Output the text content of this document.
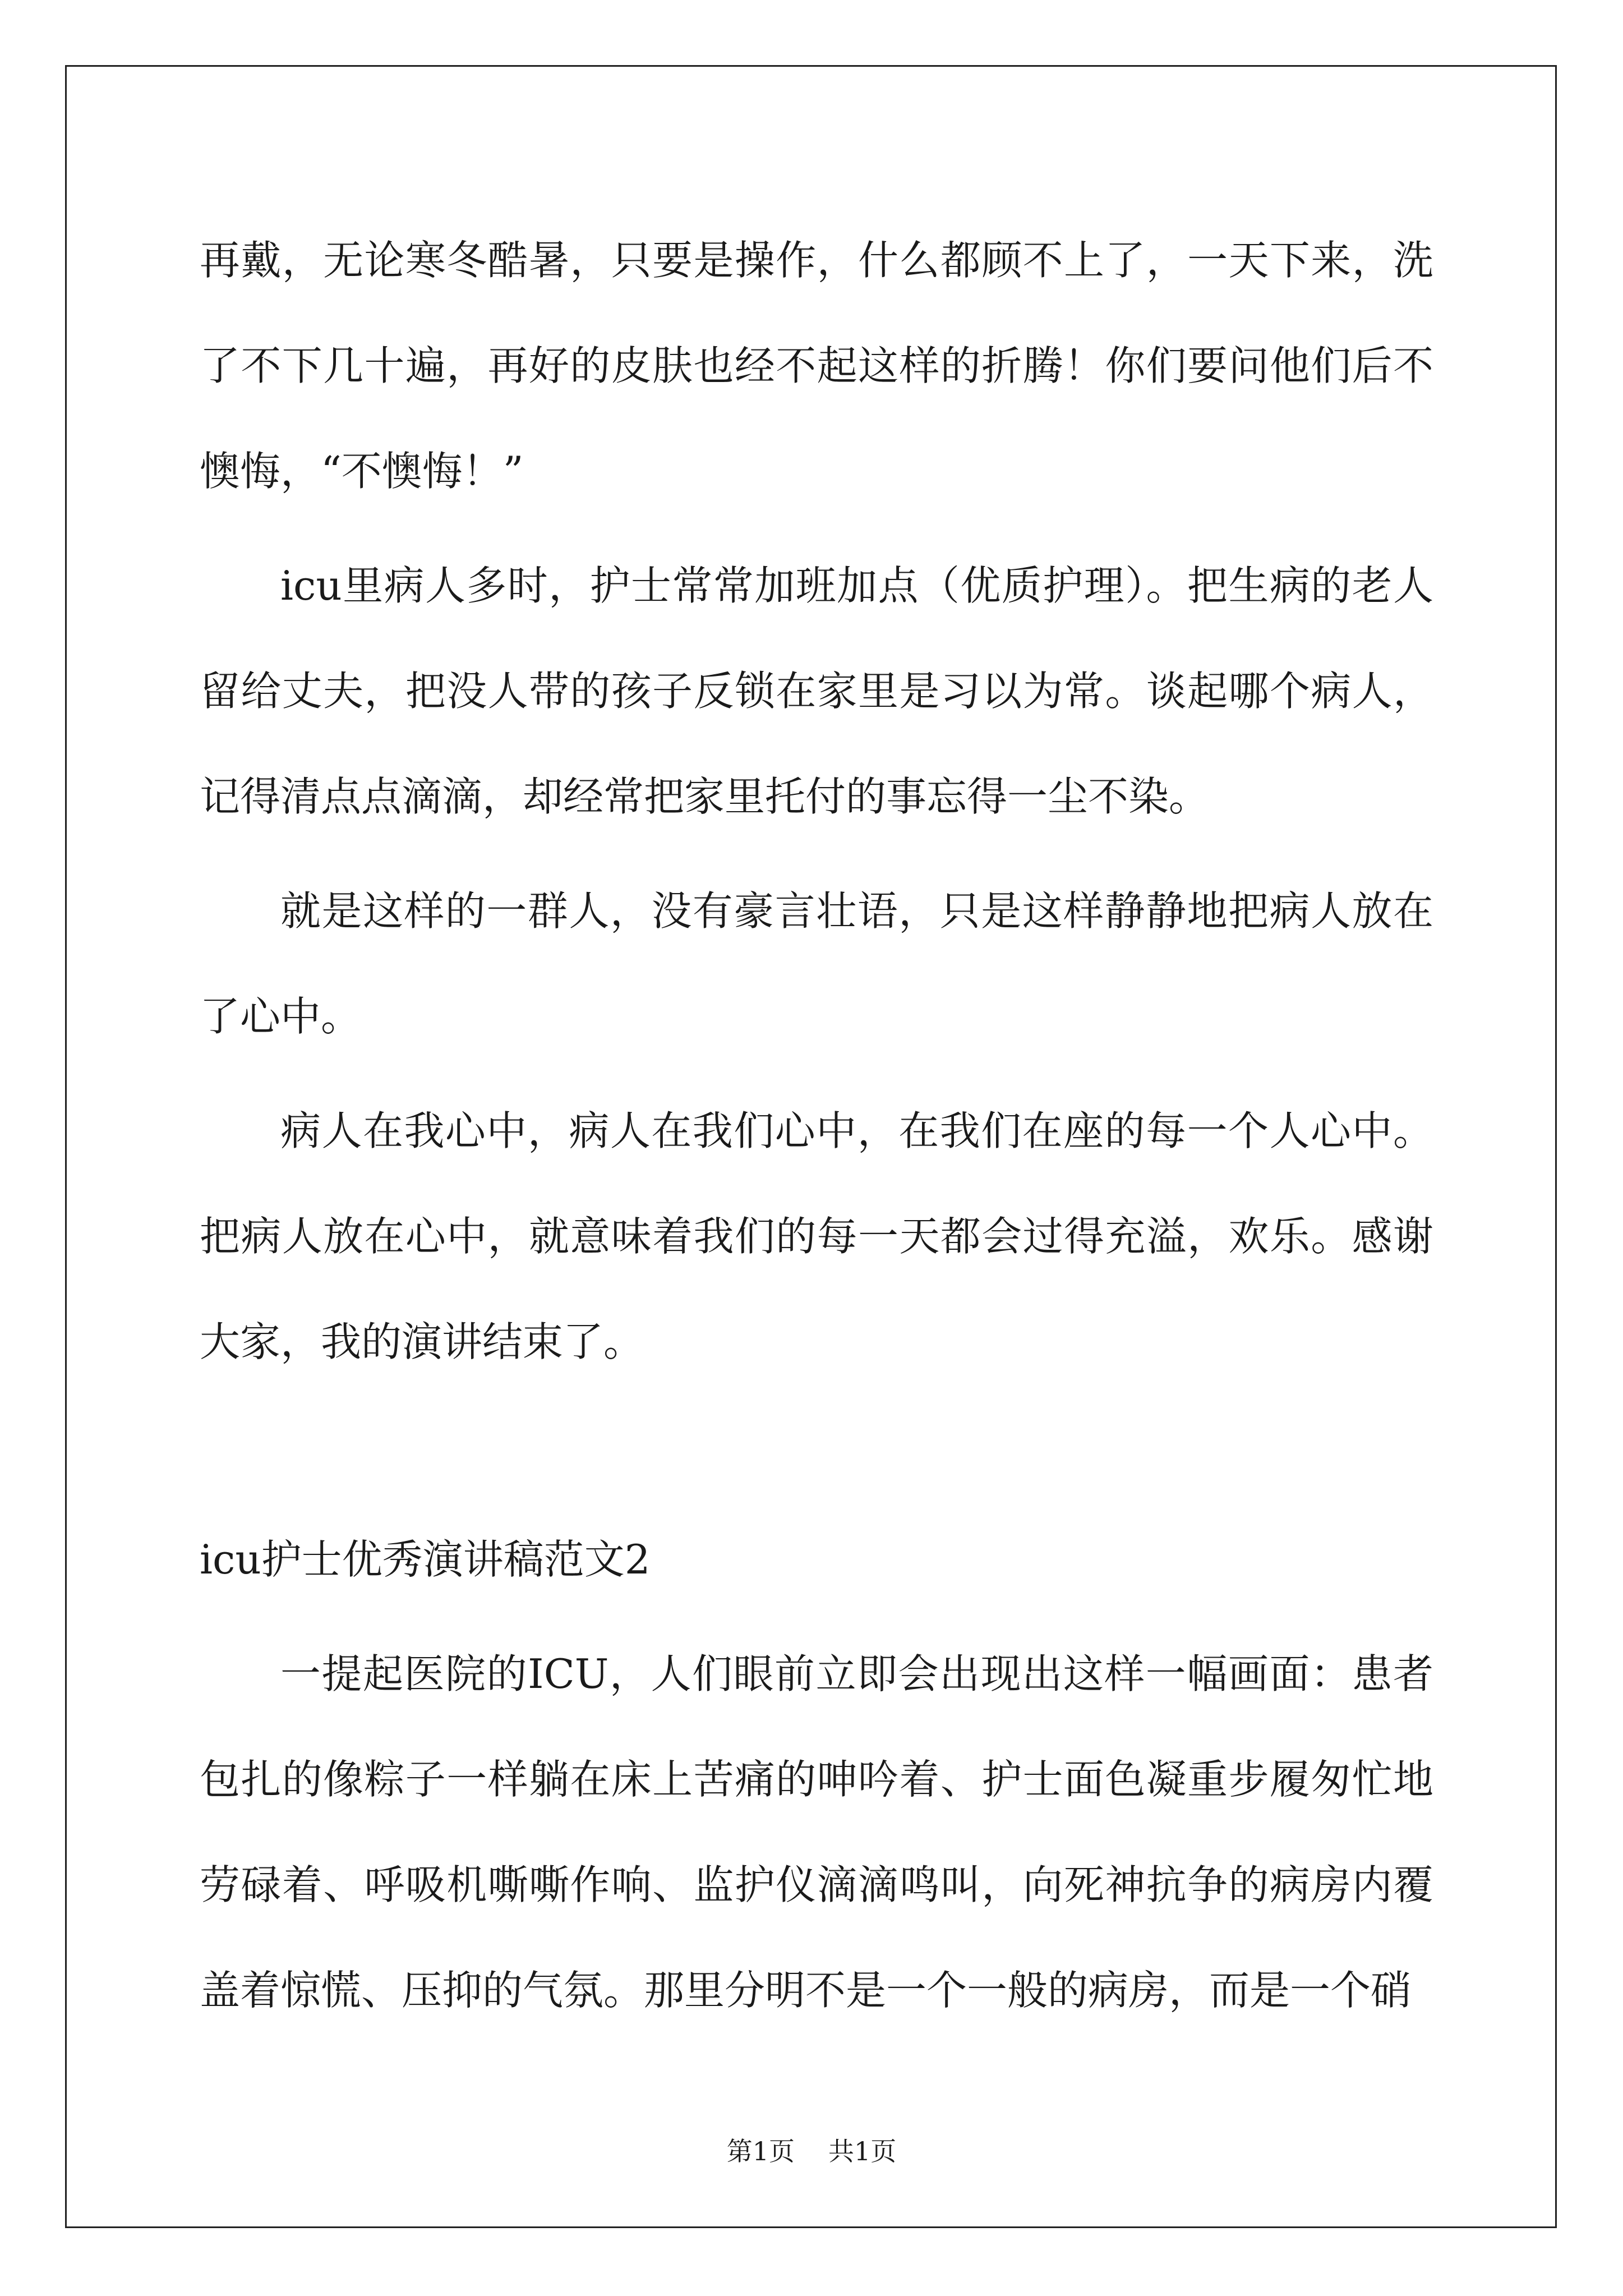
再戴，无论寒冬酷暑，只要是操作，什么都顾不上了，一天下来，洗了不下几十遍，再好的皮肤也经不起这样的折腾！你们要问他们后不懊悔，“不懊悔！”

icu里病人多时，护士常常加班加点（优质护理）。把生病的老人留给丈夫，把没人带的孩子反锁在家里是习以为常。谈起哪个病人，记得清点点滴滴，却经常把家里托付的事忘得一尘不染。

就是这样的一群人，没有豪言壮语，只是这样静静地把病人放在了心中。

病人在我心中，病人在我们心中，在我们在座的每一个人心中。把病人放在心中，就意味着我们的每一天都会过得充溢，欢乐。感谢大家，我的演讲结束了。

icu护士优秀演讲稿范文2

一提起医院的ICU，人们眼前立即会出现出这样一幅画面：患者包扎的像粽子一样躺在床上苦痛的呻吟着、护士面色凝重步履匆忙地劳碌着、呼吸机嘶嘶作响、监护仪滴滴鸣叫，向死神抗争的病房内覆盖着惊慌、压抑的气氛。那里分明不是一个一般的病房，而是一个硝

第1页 共1页
